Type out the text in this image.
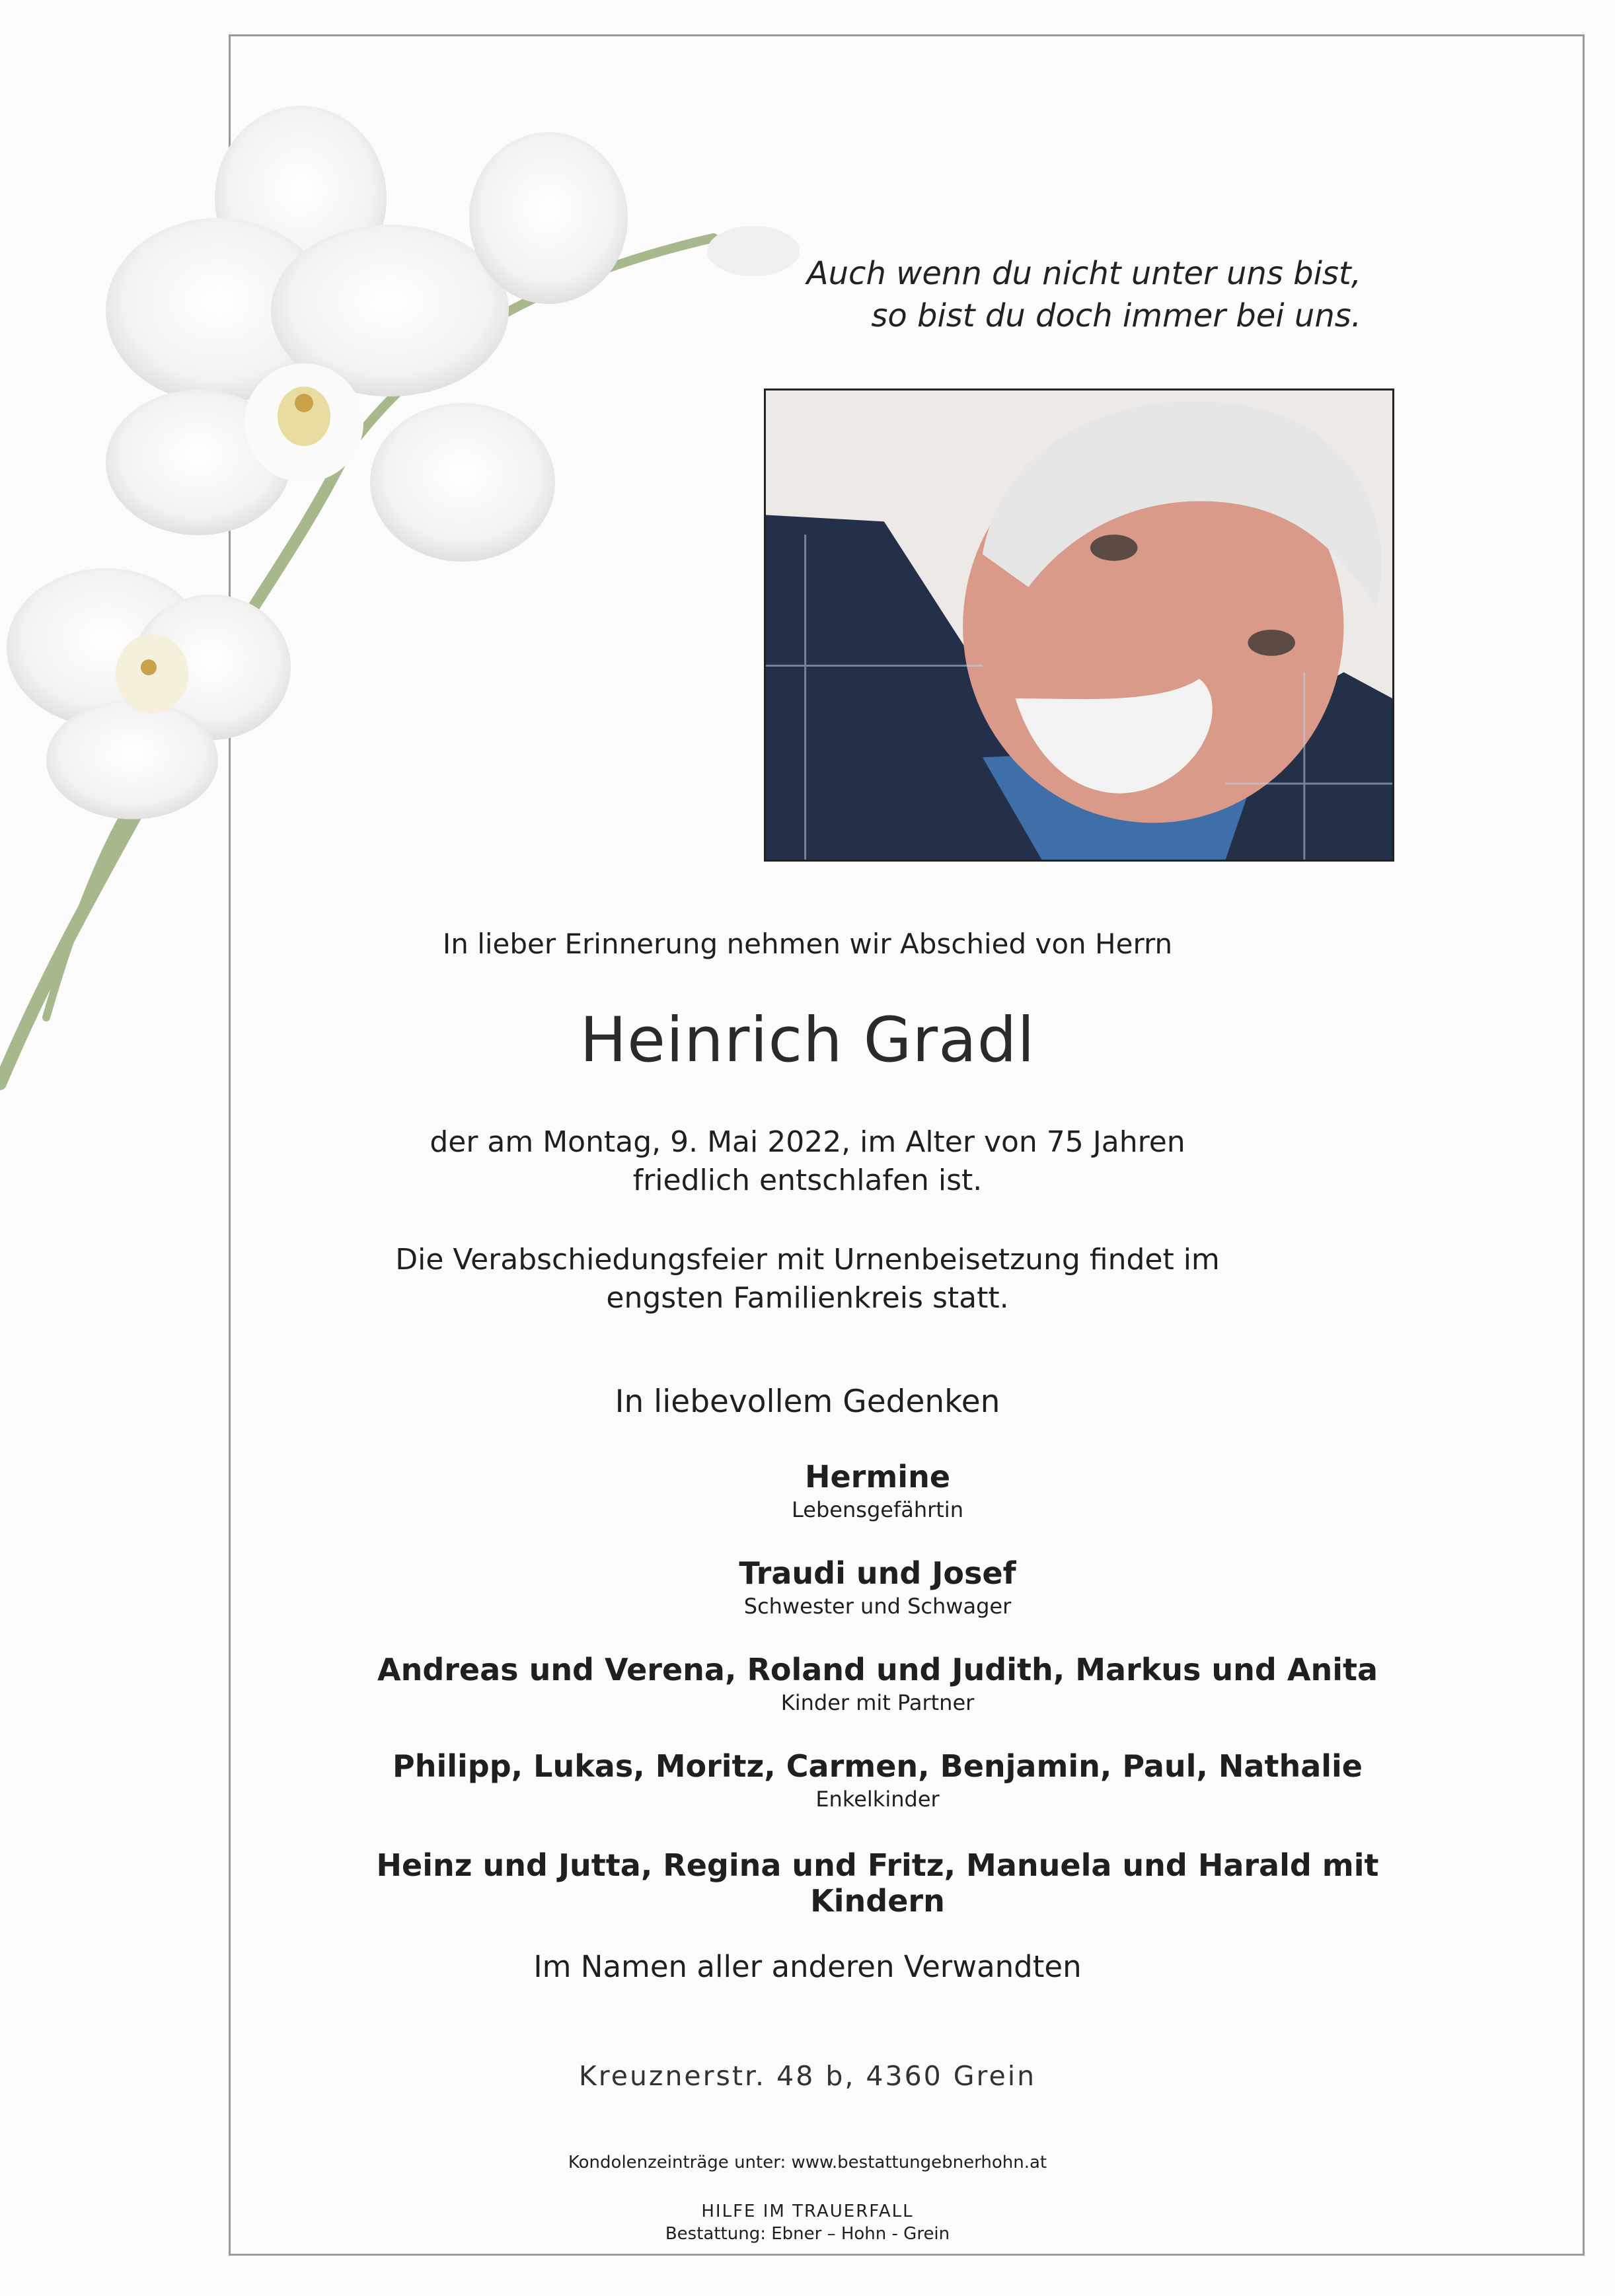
Auch wenn du nicht unter uns bist,
so bist du doch immer bei uns.
In lieber Erinnerung nehmen wir Abschied von Herrn
Heinrich Gradl
der am Montag, 9. Mai 2022, im Alter von 75 Jahren
friedlich entschlafen ist.
Die Verabschiedungsfeier mit Urnenbeisetzung findet im
engsten Familienkreis statt.
In liebevollem Gedenken
Hermine
Lebensgefährtin
Traudi und Josef
Schwester und Schwager
Andreas und Verena, Roland und Judith, Markus und Anita
Kinder mit Partner
Philipp, Lukas, Moritz, Carmen, Benjamin, Paul, Nathalie
Enkelkinder
Heinz und Jutta, Regina und Fritz, Manuela und Harald mit Kindern
Im Namen aller anderen Verwandten
Kreuznerstr. 48 b, 4360 Grein
Kondolenzeinträge unter: www.bestattungebnerhohn.at
HILFE IM TRAUERFALL
Bestattung: Ebner – Hohn - Grein
